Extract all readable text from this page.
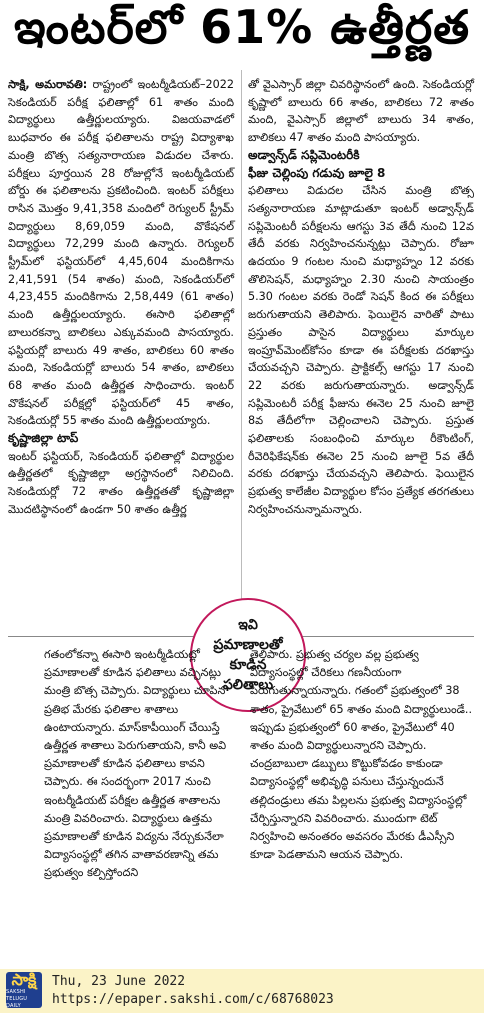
ఇంటర్‌లో 61% ఉత్తీర్ణత

సాక్షి, అమరావతి: రాష్ట్రంలో ఇంటర్మీడియట్–2022 సెకండియర్ పరీక్ష ఫలితాల్లో 61 శాతం మంది విద్యార్థులు ఉత్తీర్ణులయ్యారు. విజయవాడలో బుధవారం ఈ పరీక్ష ఫలితాలను రాష్ట్ర విద్యాశాఖ మంత్రి బొత్స సత్యనారాయణ విడుదల చేశారు. పరీక్షలు పూర్తయిన 28 రోజుల్లోనే ఇంటర్మీడియట్ బోర్డు ఈ ఫలితాలను ప్రకటించింది. ఇంటర్ పరీక్షలు రాసిన మొత్తం 9,41,358 మందిలో రెగ్యులర్ స్ట్రీమ్ విద్యార్థులు 8,69,059 మంది, వొకేషనల్ విద్యార్థులు 72,299 మంది ఉన్నారు. రెగ్యులర్ స్ట్రీమ్‌లో ఫస్టియర్‌లో 4,45,604 మందికిగాను 2,41,591 (54 శాతం) మంది, సెకండియర్‌లో 4,23,455 మందికిగాను 2,58,449 (61 శాతం) మంది ఉత్తీర్ణులయ్యారు. ఈసారి ఫలితాల్లో బాలురకన్నా బాలికలు ఎక్కువమంది పాసయ్యారు. ఫస్టియర్లో బాలురు 49 శాతం, బాలికలు 60 శాతం మంది, సెకండియర్లో బాలురు 54 శాతం, బాలికలు 68 శాతం మంది ఉత్తీర్ణత సాధించారు. ఇంటర్ వొకేషనల్ పరీక్షల్లో ఫస్టియర్‌లో 45 శాతం, సెకండియర్లో 55 శాతం మంది ఉత్తీర్ణులయ్యారు.

కృష్ణాజిల్లా టాప్

ఇంటర్ ఫస్టియర్, సెకండియర్ ఫలితాల్లో విద్యార్థుల ఉత్తీర్ణతలో కృష్ణాజిల్లా అగ్రస్థానంలో నిలిచింది. సెకండియర్లో 72 శాతం ఉత్తీర్ణతతో కృష్ణాజిల్లా మొదటిస్థానంలో ఉండగా 50 శాతం ఉత్తీర్ణ

తో వైఎస్సార్ జిల్లా చివరిస్థానంలో ఉంది. సెకండియర్లో కృష్ణాలో బాలురు 66 శాతం, బాలికలు 72 శాతం మంది, వైఎస్సార్ జిల్లాలో బాలురు 34 శాతం, బాలికలు 47 శాతం మంది పాసయ్యారు.

అడ్వాన్స్‌డ్ సప్లిమెంటరీకి

ఫీజు చెల్లింపు గడువు జూలై 8

ఫలితాలు విడుదల చేసిన మంత్రి బొత్స సత్యనారాయణ మాట్లాడుతూ ఇంటర్ అడ్వాన్స్‌డ్ సప్లిమెంటరీ పరీక్షలను ఆగస్టు 3వ తేదీ నుంచి 12వ తేదీ వరకు నిర్వహించనున్నట్లు చెప్పారు. రోజూ ఉదయం 9 గంటల నుంచి మధ్యాహ్నం 12 వరకు తొలిసెషన్, మధ్యాహ్నం 2.30 నుంచి సాయంత్రం 5.30 గంటల వరకు రెండో సెషన్ కింద ఈ పరీక్షలు జరుగుతాయని తెలిపారు. ఫెయిలైన వారితో పాటు ప్రస్తుతం పాసైన విద్యార్థులు మార్కుల ఇంప్రూవ్‌మెంట్‌కోసం కూడా ఈ పరీక్షలకు దరఖాస్తు చేయవచ్చని చెప్పారు. ప్రాక్టికల్స్ ఆగస్టు 17 నుంచి 22 వరకు జరుగుతాయన్నారు. అడ్వాన్స్‌డ్ సప్లిమెంటరీ పరీక్ష ఫీజును ఈనెల 25 నుంచి జూలై 8వ తేదీలోగా చెల్లించాలని చెప్పారు. ప్రస్తుత ఫలితాలకు సంబంధించి మార్కుల రీకౌంటింగ్, రీవెరిఫికేషన్‌కు ఈనెల 25 నుంచి జూలై 5వ తేదీ వరకు దరఖాస్తు చేయవచ్చని తెలిపారు. ఫెయిలైన ప్రభుత్వ కాలేజీల విద్యార్థుల కోసం ప్రత్యేక తరగతులు నిర్వహించనున్నామన్నారు.

ఇవి
ప్రమాణాలతో
కూడిన
ఫలితాలు
గతంలోకన్నా ఈసారి ఇంటర్మీడియట్లో ప్రమాణాలతో కూడిన ఫలితాలు వచ్చినట్లు మంత్రి బొత్స చెప్పారు. విద్యార్థులు చూపిన ప్రతిభ మేరకు ఫలితాల శాతాలు ఉంటాయన్నారు. మాస్‌కాపీయింగ్ చేయిస్తే ఉత్తీర్ణత శాతాలు పెరుగుతాయని, కానీ అవి ప్రమాణాలతో కూడిన ఫలితాలు కావని చెప్పారు. ఈ సందర్భంగా 2017 నుంచి ఇంటర్మీడియట్ పరీక్షల ఉత్తీర్ణత శాతాలను మంత్రి వివరించారు. విద్యార్థులు ఉత్తమ ప్రమాణాలతో కూడిన విద్యను నేర్చుకునేలా విద్యాసంస్థల్లో తగిన వాతావరణాన్ని తమ ప్రభుత్వం కల్పిస్తోందని
తెలిపారు. ప్రభుత్వ చర్యల వల్ల ప్రభుత్వ విద్యాసంస్థల్లో చేరికలు గణనీయంగా పెరుగుతున్నాయన్నారు. గతంలో ప్రభుత్వంలో 38 శాతం, ప్రైవేటులో 65 శాతం మంది విద్యార్థులుండే.. ఇప్పుడు ప్రభుత్వంలో 60 శాతం, ప్రైవేటులో 40 శాతం మంది విద్యార్థులున్నారని చెప్పారు. చంద్రబాబులా డబ్బులు కొట్టుకోవడం కాకుండా విద్యాసంస్థల్లో అభివృద్ధి పనులు చేస్తున్నందునే తల్లిదండ్రులు తమ పిల్లలను ప్రభుత్వ విద్యాసంస్థల్లో చేర్పిస్తున్నారని వివరించారు. ముందుగా టెట్ నిర్వహించి అనంతరం అవసరం మేరకు డీఎస్సీని కూడా పెడతామని ఆయన చెప్పారు.
సాక్షి
SAKSHI TELUGU DAILY
Thu, 23 June 2022
https://epaper.sakshi.com/c/68768023
